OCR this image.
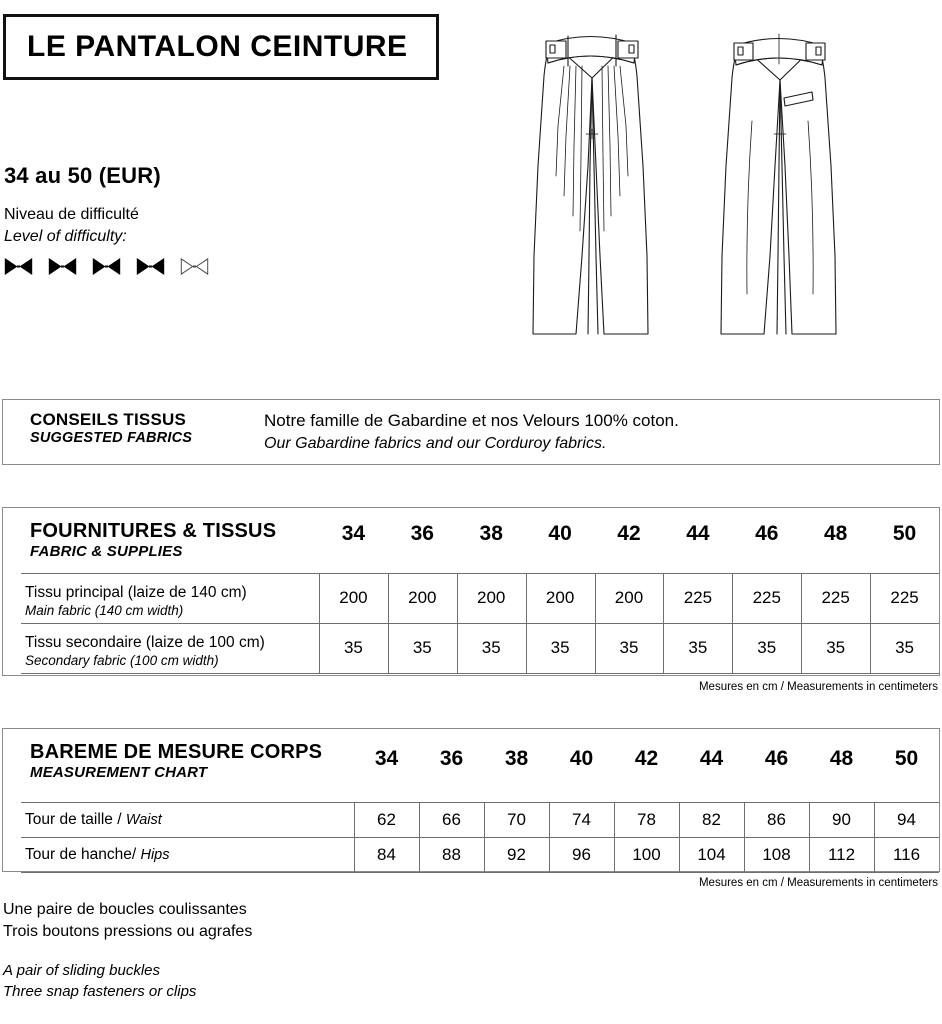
LE PANTALON CEINTURE
34 au 50 (EUR)
Niveau de difficulté
Level of difficulty:
CONSEILS TISSUS
SUGGESTED FABRICS
Notre famille de Gabardine et nos Velours 100% coton.
Our Gabardine fabrics and our Corduroy fabrics.
FOURNITURES & TISSUS
FABRIC & SUPPLIES
34	36	38	40	42	44	46	48	50
Tissu principal (laize de 140 cm)
Main fabric (140 cm width)
200	200	200	200	200	225	225	225	225
Tissu secondaire (laize de 100 cm)
Secondary fabric (100 cm width)
35	35	35	35	35	35	35	35	35
Mesures en cm / Measurements in centimeters
BAREME DE MESURE CORPS
MEASUREMENT CHART
34	36	38	40	42	44	46	48	50
Tour de taille / Waist	62	66	70	74	78	82	86	90	94
Tour de hanche/ Hips	84	88	92	96	100	104	108	112	116
Mesures en cm / Measurements in centimeters
Une paire de boucles coulissantes
Trois boutons pressions ou agrafes
A pair of sliding buckles
Three snap fasteners or clips
